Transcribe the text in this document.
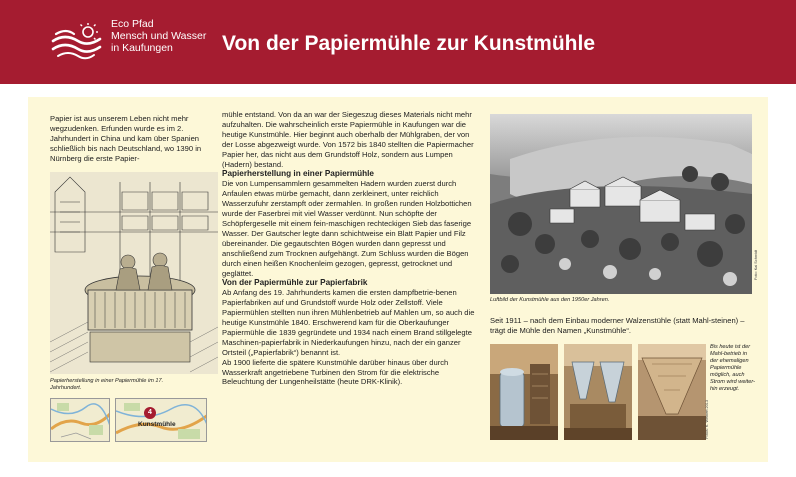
Eco Pfad
Mensch und Wasser
in Kaufungen	Von der Papiermühle zur Kunstmühle

Papier ist aus unserem Leben nicht mehr wegzudenken. Erfunden wurde es im 2. Jahrhundert in China und kam über Spanien schließlich bis nach Deutschland, wo 1390 in Nürnberg die erste Papier-

Papierherstellung in einer Papiermühle im 17. Jahrhundert.
4
Kunstmühle

mühle entstand. Von da an war der Siegeszug dieses Materials nicht mehr aufzuhalten. Die wahrscheinlich erste Papiermühle in Kaufungen war die heutige Kunstmühle. Hier beginnt auch oberhalb der Mühlgraben, der von der Losse abgezweigt wurde. Von 1572 bis 1840 stellten die Papiermacher Papier her, das nicht aus dem Grundstoff Holz, sondern aus Lumpen (Hadern) bestand.

Papierherstellung in einer Papiermühle

Die von Lumpensammlern gesammelten Hadern wurden zuerst durch Anfaulen etwas mürbe gemacht, dann zerkleinert, unter reichlich Wasserzufuhr zerstampft oder zermahlen. In großen runden Holzbottichen wurde der Faserbrei mit viel Wasser verdünnt. Nun schöpfte der Schöpfergeselle mit einem fein-maschigen rechteckigen Sieb das faserige Wasser. Der Gautscher legte dann schichtweise ein Blatt Papier und Filz übereinander. Die gegautschten Bögen wurden dann gepresst und anschließend zum Trocknen aufgehängt. Zum Schluss wurden die Bögen durch einen heißen Knochenleim gezogen, gepresst, getrocknet und geglättet.

Von der Papiermühle zur Papierfabrik

Ab Anfang des 19. Jahrhunderts kamen die ersten dampfbetrie-benen Papierfabriken auf und Grundstoff wurde Holz oder Zellstoff. Viele Papiermühlen stellten nun ihren Mühlenbetrieb auf Mahlen um, so auch die heutige Kunstmühle 1840. Erschwerend kam für die Oberkaufunger Papiermühle die 1839 gegründete und 1934 nach einem Brand stillgelegte Maschinen-papierfabrik in Niederkaufungen hinzu, nach der ein ganzer Ortsteil („Papierfabrik“) benannt ist.

Ab 1900 lieferte die spätere Kunstmühle darüber hinaus über durch Wasserkraft angetriebene Turbinen den Strom für die elektrische Beleuchtung der Lungenheilstätte (heute DRK-Klinik).

Foto: Kai Schmidt
Luftbild der Kunstmühle aus den 1950er Jahren.
Seit 1911 – nach dem Einbau moderner Walzenstühle (statt Mahl-steinen) – trägt die Mühle den Namen „Kunstmühle“.
Bis heute ist der Mahl-betrieb in der ehemaligen Papiermühle möglich, auch Strom wird weiter-hin erzeugt.
Fotos: K. Weinert 2013
